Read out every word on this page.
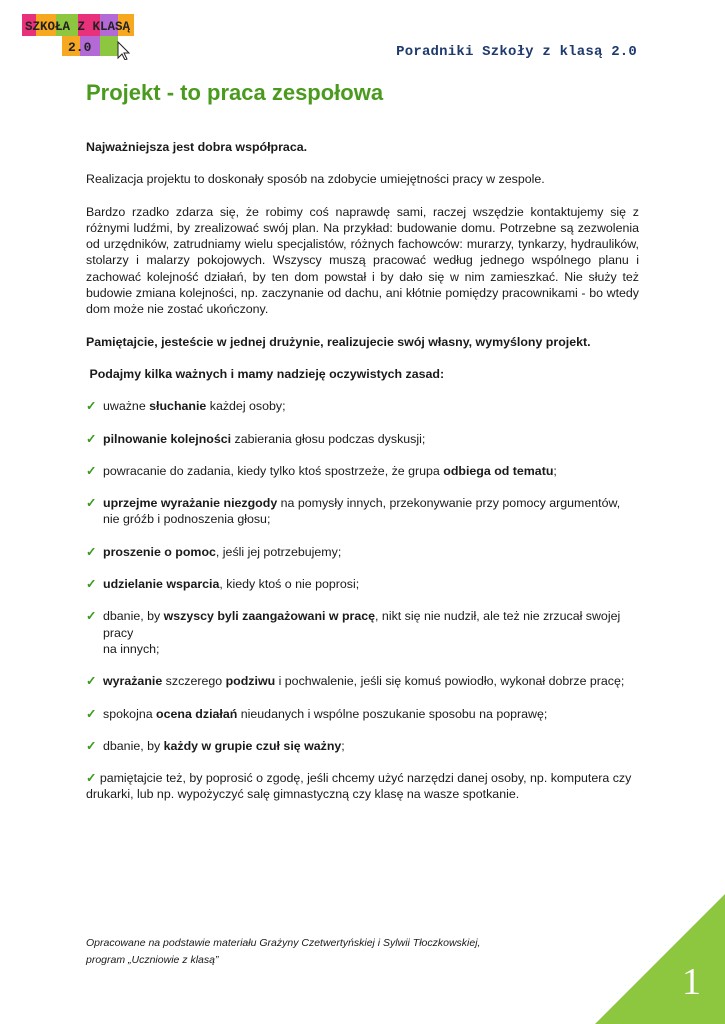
SZKOŁA Z KLASĄ
2.0	Poradniki Szkoły z klasą 2.0
Projekt - to praca zespołowa

Najważniejsza jest dobra współpraca.

Realizacja projektu to doskonały sposób na zdobycie umiejętności pracy w zespole.

Bardzo rzadko zdarza się, że robimy coś naprawdę sami, raczej wszędzie kontaktujemy się z różnymi ludźmi, by zrealizować swój plan. Na przykład: budowanie domu. Potrzebne są zezwolenia od urzędników, zatrudniamy wielu specjalistów, różnych fachowców: murarzy, tynkarzy, hydraulików, stolarzy i malarzy pokojowych. Wszyscy muszą pracować według jednego wspólnego planu i zachować kolejność działań, by ten dom powstał i by dało się w nim zamieszkać. Nie służy też budowie zmiana kolejności, np. zaczynanie od dachu, ani kłótnie pomiędzy pracownikami - bo wtedy dom może nie zostać ukończony.

Pamiętajcie, jesteście w jednej drużynie, realizujecie swój własny, wymyślony projekt.

Podajmy kilka ważnych i mamy nadzieję oczywistych zasad:

✓ uważne słuchanie każdej osoby;

✓ pilnowanie kolejności zabierania głosu podczas dyskusji;

✓ powracanie do zadania, kiedy tylko ktoś spostrzeże, że grupa odbiega od tematu;

✓ uprzejme wyrażanie niezgody na pomysły innych, przekonywanie przy pomocy argumentów,
nie gróźb i podnoszenia głosu;

✓ proszenie o pomoc, jeśli jej potrzebujemy;

✓ udzielanie wsparcia, kiedy ktoś o nie poprosi;

✓ dbanie, by wszyscy byli zaangażowani w pracę, nikt się nie nudził, ale też nie zrzucał swojej pracy
na innych;

✓ wyrażanie szczerego podziwu i pochwalenie, jeśli się komuś powiodło, wykonał dobrze pracę;

✓ spokojna ocena działań nieudanych i wspólne poszukanie sposobu na poprawę;

✓ dbanie, by każdy w grupie czuł się ważny;

✓ pamiętajcie też, by poprosić o zgodę, jeśli chcemy użyć narzędzi danej osoby, np. komputera czy drukarki, lub np. wypożyczyć salę gimnastyczną czy klasę na wasze spotkanie.

Opracowane na podstawie materiału Grażyny Czetwertyńskiej i Sylwii Tłoczkowskiej,
program „Uczniowie z klasą”
1
